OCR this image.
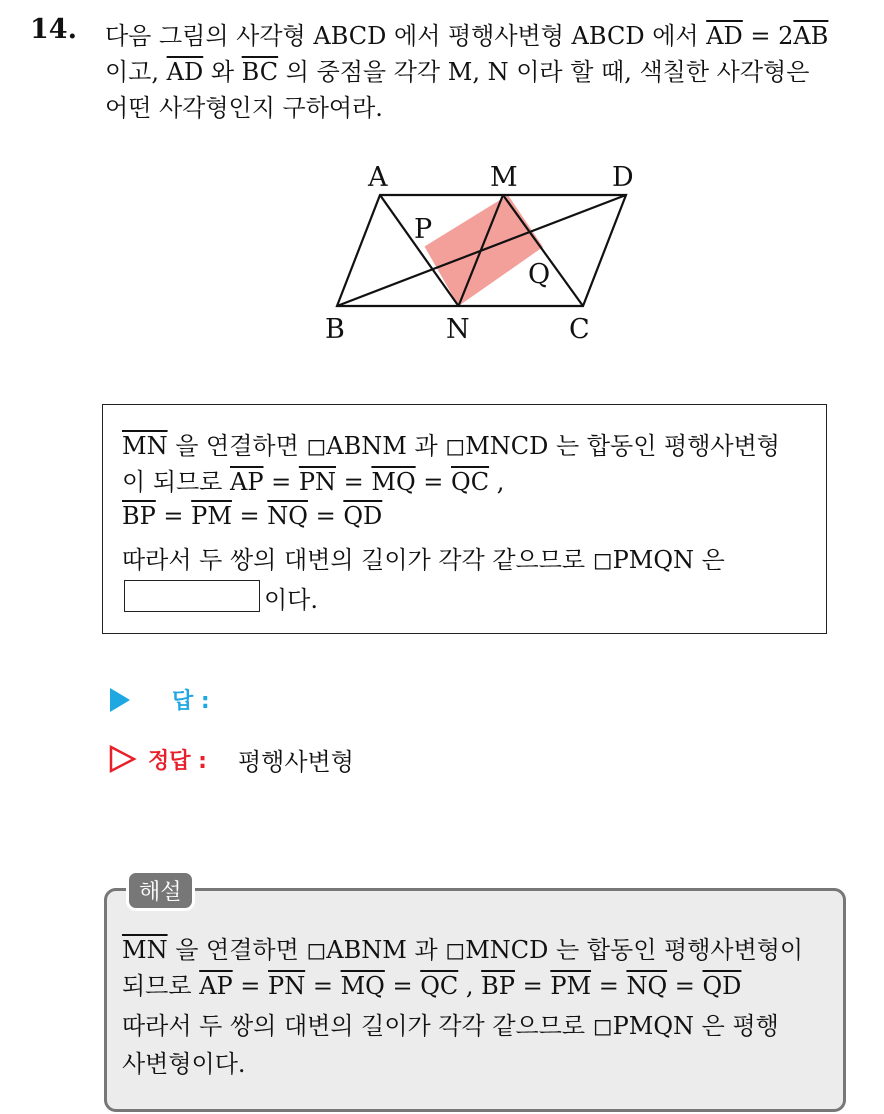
14. 다음 그림의 사각형 ABCD 에서 평행사변형 ABCD 에서 $\overline{AD} = 2\overline{AB}$
이고, $\overline{AD}$ 와 $\overline{BC}$ 의 중점을 각각 M, N 이라 할 때, 색칠한 사각형은
어떤 사각형인지 구하여라.
A	M	D
P
Q
B	N	C
$\overline{MN}$ 을 연결하면 ◻ABNM 과 ◻MNCD 는 합동인 평행사변형
이 되므로 $\overline{AP} = \overline{PN} = \overline{MQ} = \overline{QC}$ ,
$\overline{BP} = \overline{PM} = \overline{NQ} = \overline{QD}$
따라서 두 쌍의 대변의 길이가 각각 같으므로 ◻PMQN 은
이다.
답 :
정답 : 평행사변형
해설
$\overline{MN}$ 을 연결하면 ◻ABNM 과 ◻MNCD 는 합동인 평행사변형이
되므로 $\overline{AP} = \overline{PN} = \overline{MQ} = \overline{QC}$ , $\overline{BP} = \overline{PM} = \overline{NQ} = \overline{QD}$
따라서 두 쌍의 대변의 길이가 각각 같으므로 ◻PMQN 은 평행
사변형이다.
